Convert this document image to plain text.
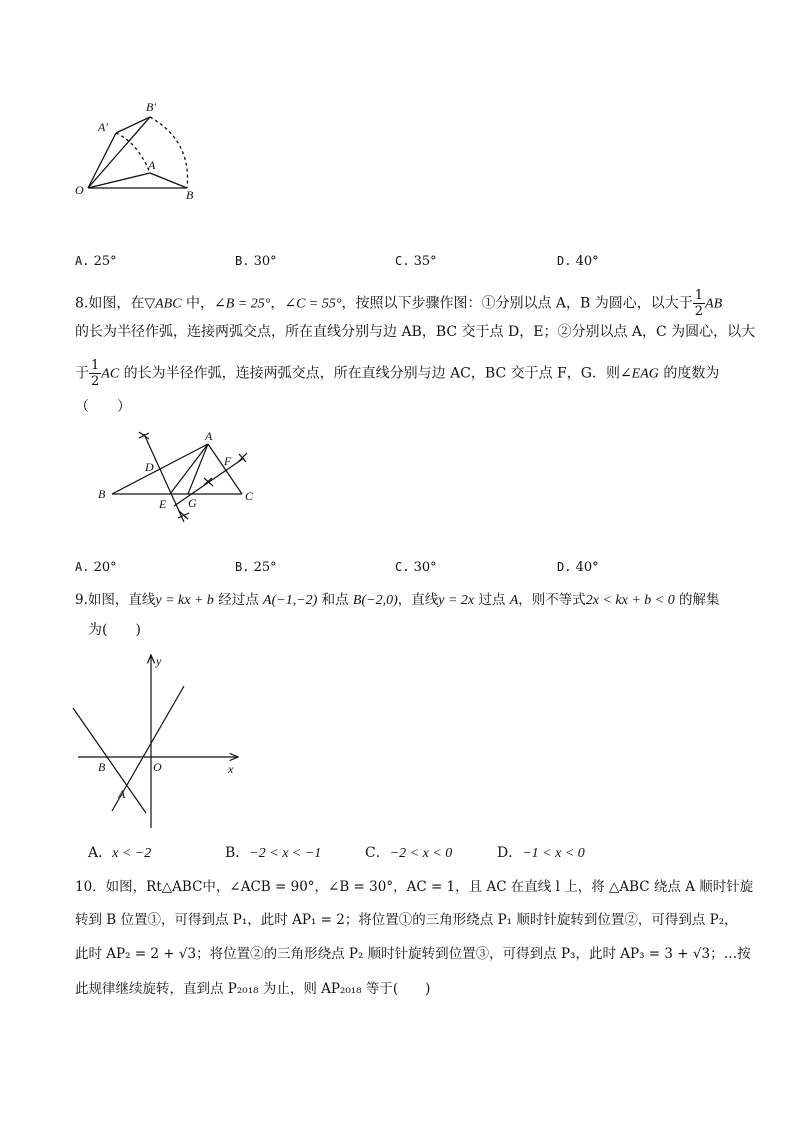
O
A
B
A′
B′
A. 25°	B. 30°	C. 35°	D. 40°
8.如图，在▽ABC 中，∠B = 25°，∠C = 55°，按照以下步骤作图：①分别以点 A，B 为圆心，以大于 $\frac{1}{2}$ AB
的长为半径作弧，连接两弧交点，所在直线分别与边 AB，BC 交于点 D，E；②分别以点 A，C 为圆心，以大
于 $\frac{1}{2}$ AC 的长为半径作弧，连接两弧交点，所在直线分别与边 AC，BC 交于点 F，G．则∠EAG 的度数为
（　　）
A
B	C
D
E
F
G
A. 20°	B. 25°	C. 30°	D. 40°
9.如图，直线y = kx + b 经过点 A(−1,−2) 和点 B(−2,0)，直线y = 2x 过点 A，则不等式2x < kx + b < 0 的解集
为(　　)
y
x
O
B
A
A．x < −2	B．−2 < x < −1	C．−2 < x < 0	D．−1 < x < 0
10．如图，Rt△ABC中，∠ACB = 90°，∠B = 30°，AC = 1，且 AC 在直线 l 上，将 △ABC 绕点 A 顺时针旋
转到 B 位置①，可得到点 P₁，此时 AP₁ = 2；将位置①的三角形绕点 P₁ 顺时针旋转到位置②，可得到点 P₂，
此时 AP₂ = 2 + √3；将位置②的三角形绕点 P₂ 顺时针旋转到位置③，可得到点 P₃，此时 AP₃ = 3 + √3；…按
此规律继续旋转，直到点 P₂₀₁₈ 为止，则 AP₂₀₁₈ 等于(　　)
